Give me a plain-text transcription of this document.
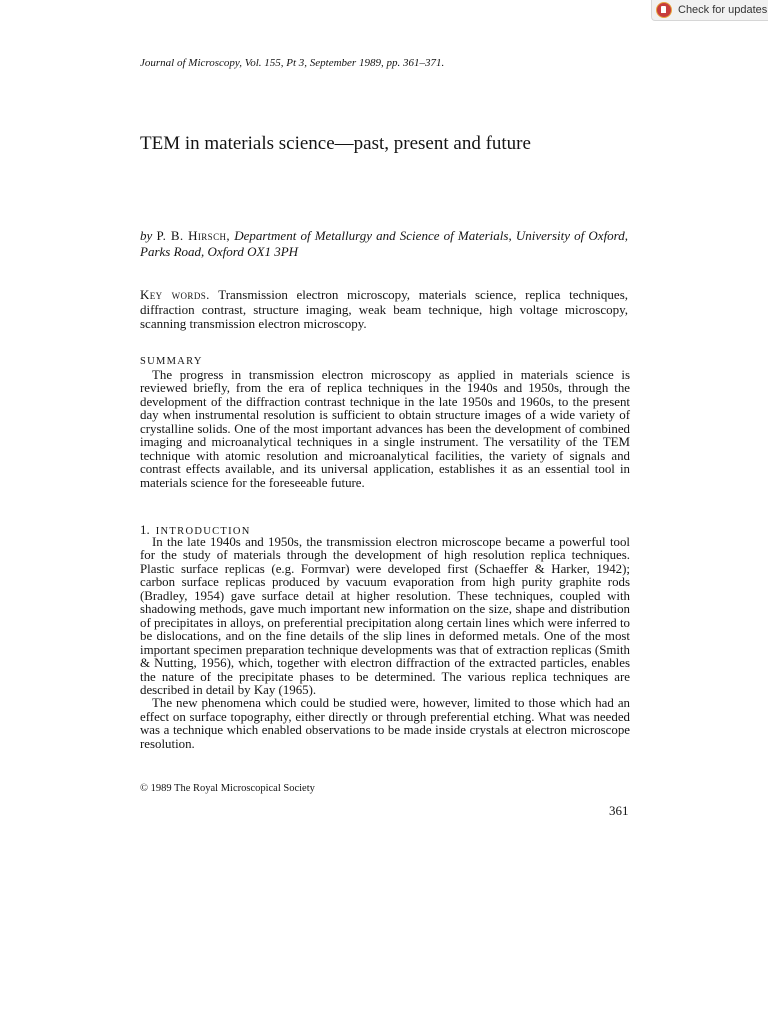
Check for updates
Journal of Microscopy, Vol. 155, Pt 3, September 1989, pp. 361–371.
TEM in materials science—past, present and future
by P. B. Hirsch, Department of Metallurgy and Science of Materials, University of Oxford, Parks Road, Oxford OX1 3PH
Key words. Transmission electron microscopy, materials science, replica techniques, diffraction contrast, structure imaging, weak beam technique, high voltage microscopy, scanning transmission electron microscopy.
SUMMARY

The progress in transmission electron microscopy as applied in materials science is reviewed briefly, from the era of replica techniques in the 1940s and 1950s, through the development of the diffraction contrast technique in the late 1950s and 1960s, to the present day when instrumental resolution is sufficient to obtain structure images of a wide variety of crystalline solids. One of the most important advances has been the development of combined imaging and microanalytical techniques in a single instrument. The versatility of the TEM technique with atomic resolution and microanalytical facilities, the variety of signals and contrast effects available, and its universal application, establishes it as an essential tool in materials science for the foreseeable future.

1. INTRODUCTION

In the late 1940s and 1950s, the transmission electron microscope became a powerful tool for the study of materials through the development of high resolution replica techniques. Plastic surface replicas (e.g. Formvar) were developed first (Schaeffer & Harker, 1942); carbon surface replicas produced by vacuum evaporation from high purity graphite rods (Bradley, 1954) gave surface detail at higher resolution. These techniques, coupled with shadowing methods, gave much important new information on the size, shape and distribution of precipitates in alloys, on preferential precipitation along certain lines which were inferred to be dislocations, and on the fine details of the slip lines in deformed metals. One of the most important specimen preparation technique developments was that of extraction replicas (Smith & Nutting, 1956), which, together with electron diffraction of the extracted particles, enables the nature of the precipitate phases to be determined. The various replica techniques are described in detail by Kay (1965).

The new phenomena which could be studied were, however, limited to those which had an effect on surface topography, either directly or through preferential etching. What was needed was a technique which enabled observations to be made inside crystals at electron microscope resolution.

© 1989 The Royal Microscopical Society
361
